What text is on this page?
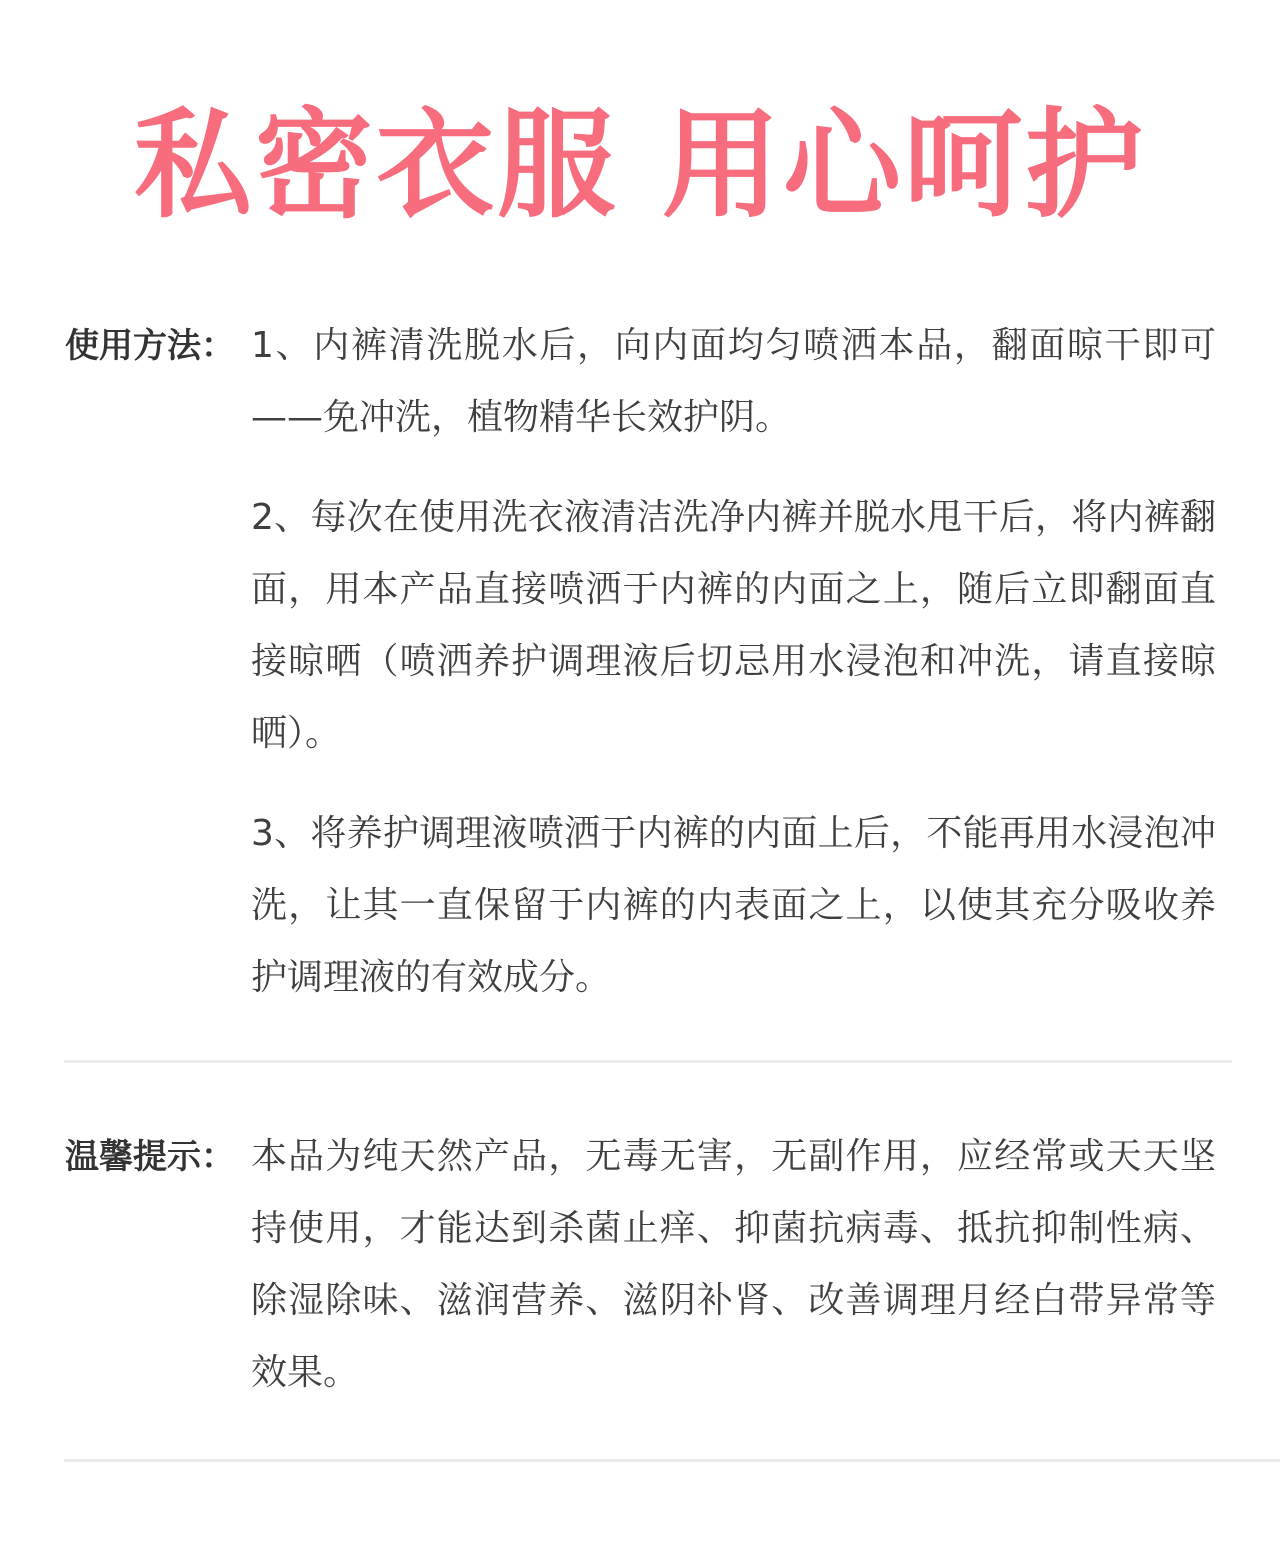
私密衣服 用心呵护
使用方法： 1、内裤清洗脱水后，向内面均匀喷洒本品，翻面晾干即可——免冲洗，植物精华长效护阴。

2、每次在使用洗衣液清洁洗净内裤并脱水甩干后，将内裤翻面，用本产品直接喷洒于内裤的内面之上，随后立即翻面直接晾晒（喷洒养护调理液后切忌用水浸泡和冲洗，请直接晾晒）。

3、将养护调理液喷洒于内裤的内面上后，不能再用水浸泡冲洗，让其一直保留于内裤的内表面之上，以使其充分吸收养护调理液的有效成分。

温馨提示： 本品为纯天然产品，无毒无害，无副作用，应经常或天天坚持使用，才能达到杀菌止痒、抑菌抗病毒、抵抗抑制性病、除湿除味、滋润营养、滋阴补肾、改善调理月经白带异常等效果。
